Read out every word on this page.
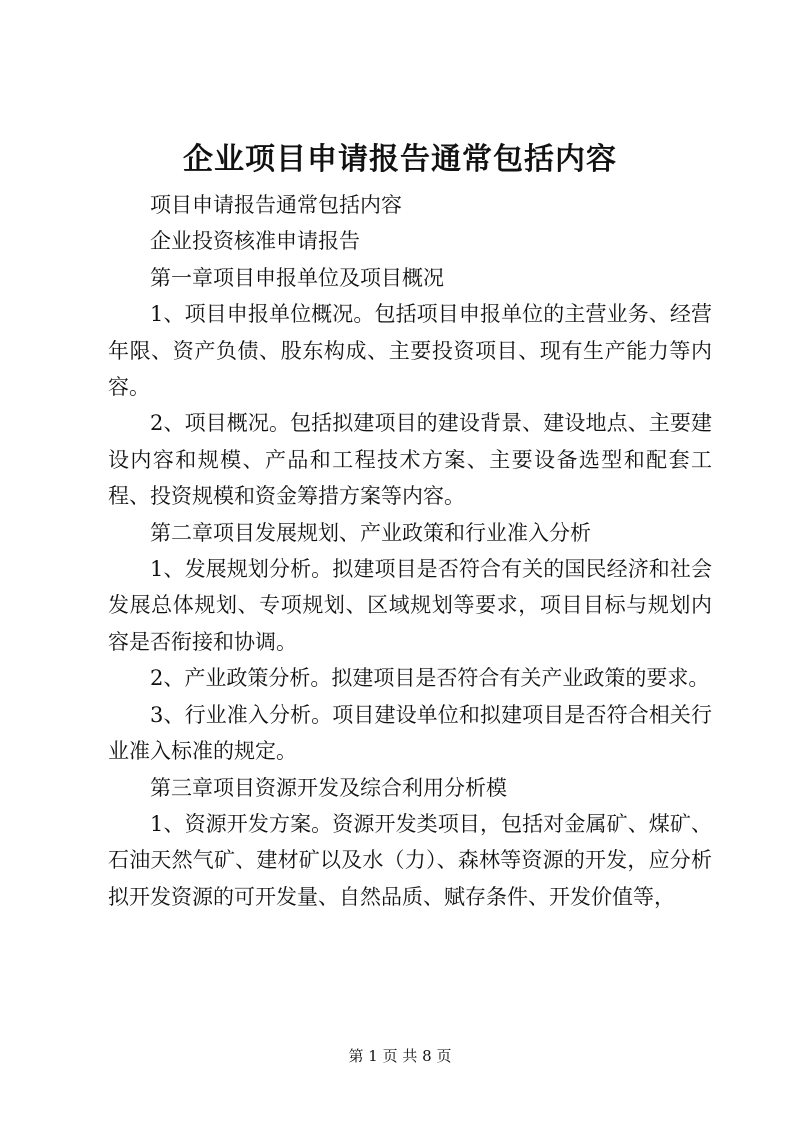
企业项目申请报告通常包括内容

项目申请报告通常包括内容

企业投资核准申请报告

第一章项目申报单位及项目概况

1、项目申报单位概况。包括项目申报单位的主营业务、经营年限、资产负债、股东构成、主要投资项目、现有生产能力等内容。

2、项目概况。包括拟建项目的建设背景、建设地点、主要建设内容和规模、产品和工程技术方案、主要设备选型和配套工程、投资规模和资金筹措方案等内容。

第二章项目发展规划、产业政策和行业准入分析

1、发展规划分析。拟建项目是否符合有关的国民经济和社会发展总体规划、专项规划、区域规划等要求，项目目标与规划内容是否衔接和协调。

2、产业政策分析。拟建项目是否符合有关产业政策的要求。

3、行业准入分析。项目建设单位和拟建项目是否符合相关行业准入标准的规定。

第三章项目资源开发及综合利用分析模

1、资源开发方案。资源开发类项目，包括对金属矿、煤矿、石油天然气矿、建材矿以及水（力）、森林等资源的开发，应分析拟开发资源的可开发量、自然品质、赋存条件、开发价值等，

第 1 页 共 8 页
